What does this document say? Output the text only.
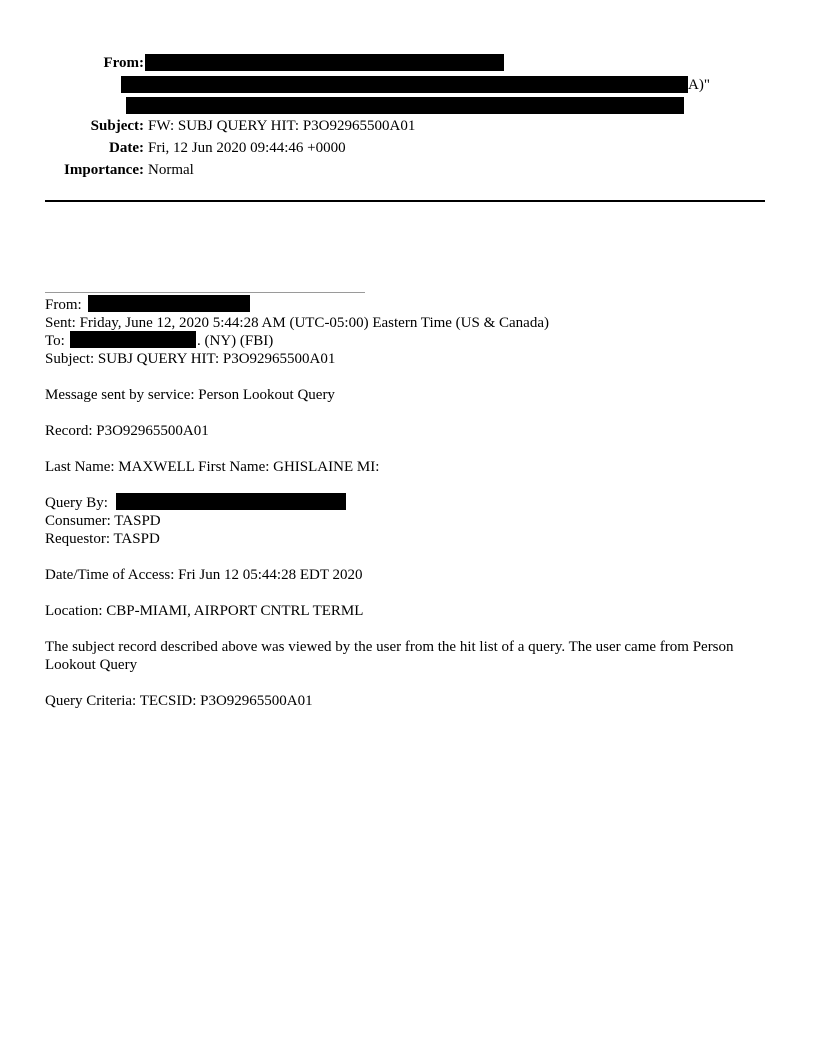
From:
A)"
Subject: FW: SUBJ QUERY HIT: P3O92965500A01
Date: Fri, 12 Jun 2020 09:44:46 +0000
Importance: Normal
From:
Sent: Friday, June 12, 2020 5:44:28 AM (UTC-05:00) Eastern Time (US & Canada)
To:	. (NY) (FBI)
Subject: SUBJ QUERY HIT: P3O92965500A01
Message sent by service: Person Lookout Query
Record: P3O92965500A01
Last Name: MAXWELL First Name: GHISLAINE MI:
Query By:
Consumer: TASPD
Requestor: TASPD
Date/Time of Access: Fri Jun 12 05:44:28 EDT 2020
Location: CBP-MIAMI, AIRPORT CNTRL TERML
The subject record described above was viewed by the user from the hit list of a query. The user came from Person Lookout Query
Query Criteria: TECSID: P3O92965500A01
